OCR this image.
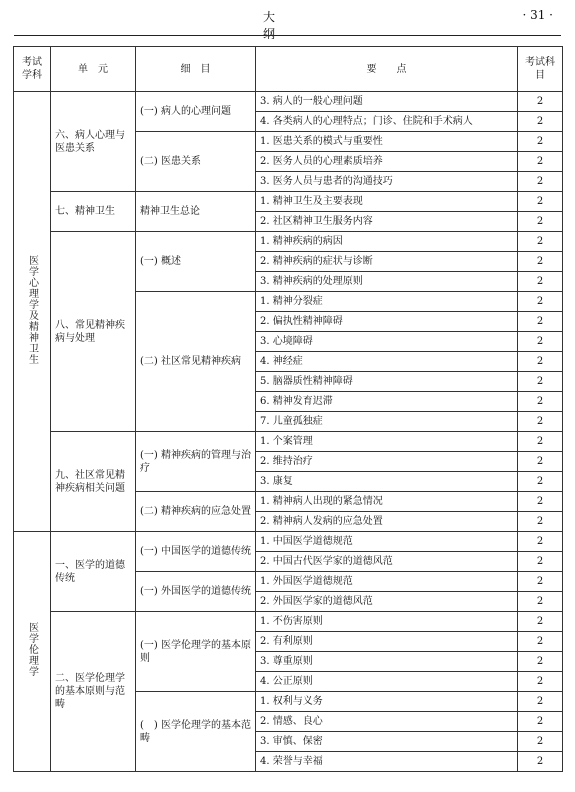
大　纲
· 31 ·
考试学科	单　元	细　目	要　　点	考试科目
医学心理学及精神卫生	六、病人心理与医患关系	(一) 病人的心理问题	3. 病人的一般心理问题	2
			4. 各类病人的心理特点；门诊、住院和手术病人	2
		(二) 医患关系	1. 医患关系的模式与重要性	2
			2. 医务人员的心理素质培养	2
			3. 医务人员与患者的沟通技巧	2
	七、精神卫生	精神卫生总论	1. 精神卫生及主要表现	2
			2. 社区精神卫生服务内容	2
	八、常见精神疾病与处理	(一) 概述	1. 精神疾病的病因	2
			2. 精神疾病的症状与诊断	2
			3. 精神疾病的处理原则	2
		(二) 社区常见精神疾病	1. 精神分裂症	2
			2. 偏执性精神障碍	2
			3. 心境障碍	2
			4. 神经症	2
			5. 脑器质性精神障碍	2
			6. 精神发育迟滞	2
			7. 儿童孤独症	2
	九、社区常见精神疾病相关问题	(一) 精神疾病的管理与治疗	1. 个案管理	2
			2. 维持治疗	2
			3. 康复	2
		(二) 精神疾病的应急处置	1. 精神病人出现的紧急情况	2
			2. 精神病人发病的应急处置	2
医学伦理学	一、医学的道德传统	(一) 中国医学的道德传统	1. 中国医学道德规范	2
			2. 中国古代医学家的道德风范	2
		(一) 外国医学的道德传统	1. 外国医学道德规范	2
			2. 外国医学家的道德风范	2
	二、医学伦理学的基本原则与范畴	(一) 医学伦理学的基本原则	1. 不伤害原则	2
			2. 有利原则	2
			3. 尊重原则	2
			4. 公正原则	2
		(　) 医学伦理学的基本范畴	1. 权利与义务	2
			2. 情感、良心	2
			3. 审慎、保密	2
			4. 荣誉与幸福	2
